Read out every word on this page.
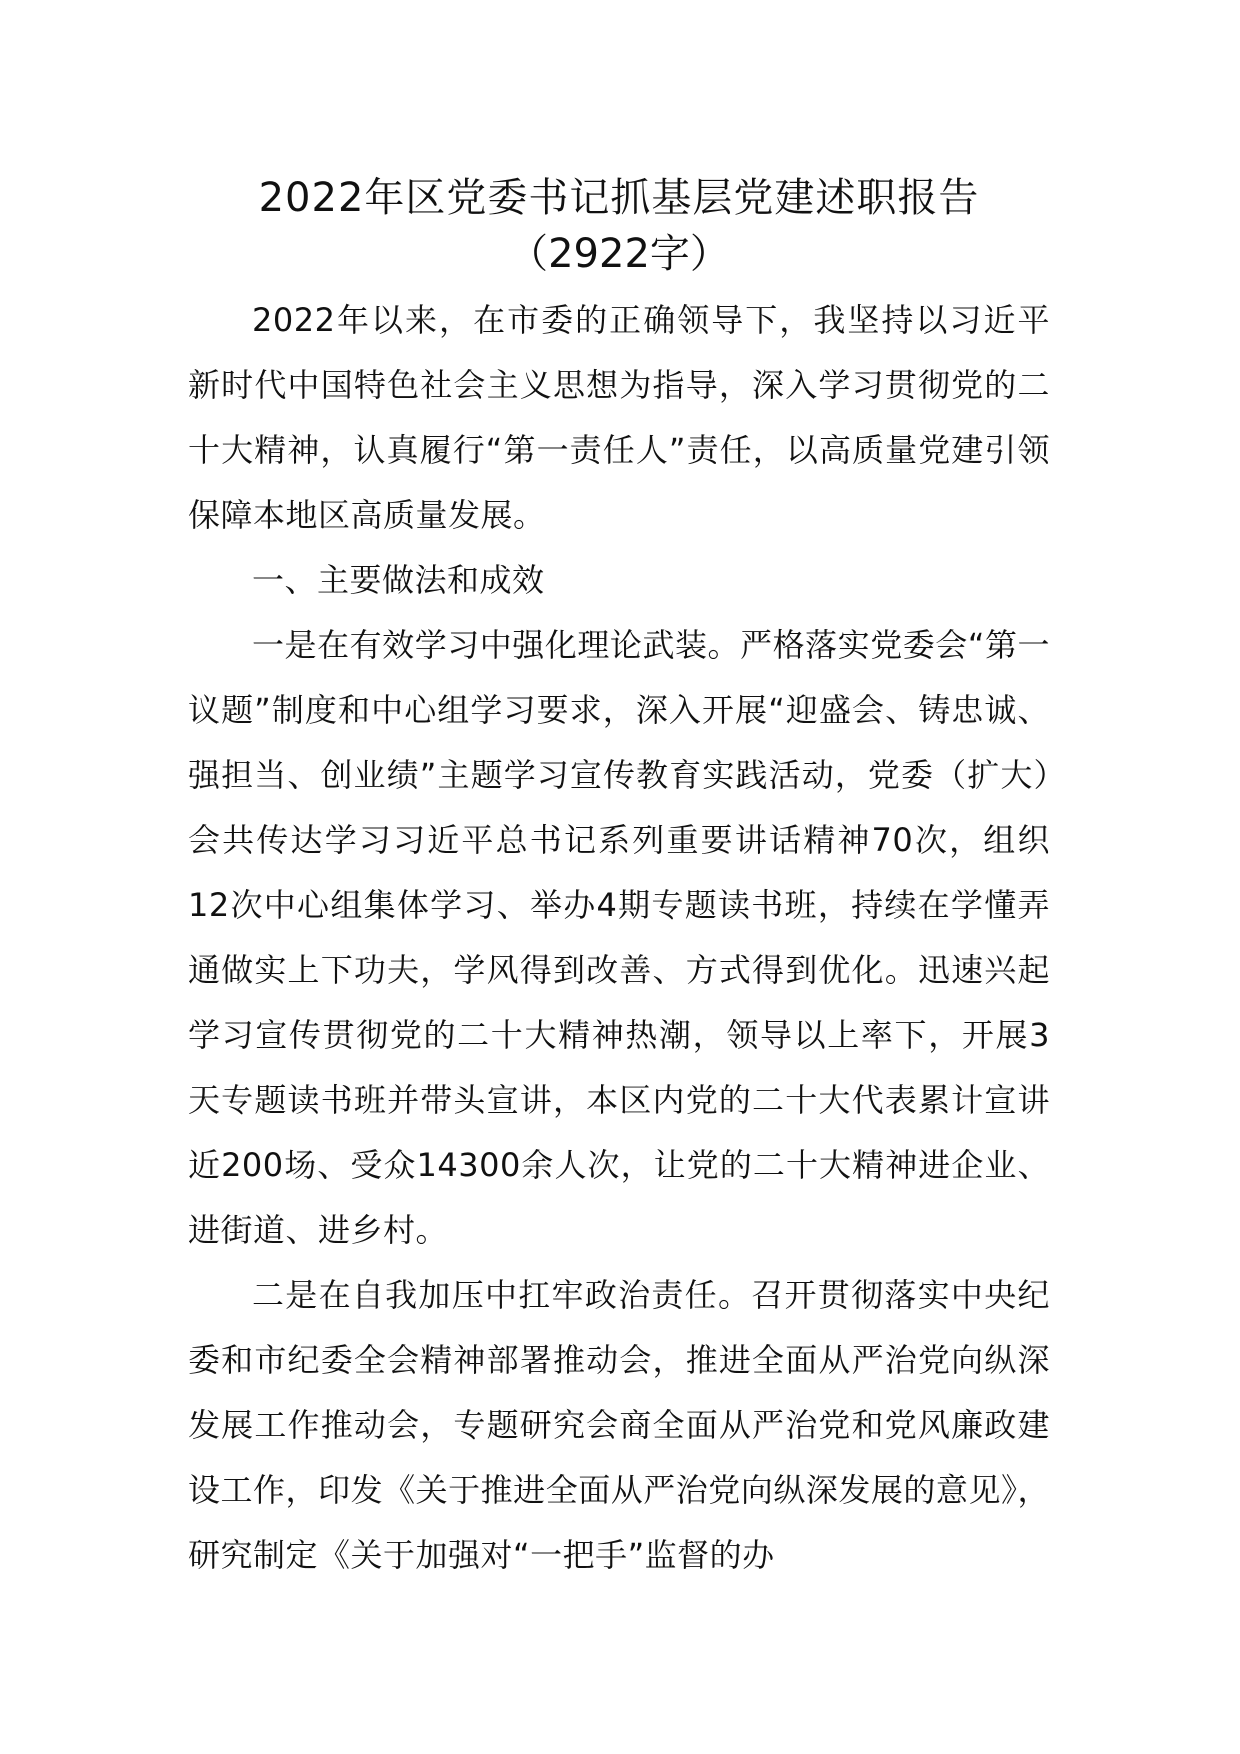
2022年区党委书记抓基层党建述职报告
（2922字）

2022年以来，在市委的正确领导下，我坚持以习近平新时代中国特色社会主义思想为指导，深入学习贯彻党的二十大精神，认真履行“第一责任人”责任，以高质量党建引领保障本地区高质量发展。

一、主要做法和成效

一是在有效学习中强化理论武装。严格落实党委会“第一议题”制度和中心组学习要求，深入开展“迎盛会、铸忠诚、强担当、创业绩”主题学习宣传教育实践活动，党委（扩大）会共传达学习习近平总书记系列重要讲话精神70次，组织12次中心组集体学习、举办4期专题读书班，持续在学懂弄通做实上下功夫，学风得到改善、方式得到优化。迅速兴起学习宣传贯彻党的二十大精神热潮，领导以上率下，开展3天专题读书班并带头宣讲，本区内党的二十大代表累计宣讲近200场、受众14300余人次，让党的二十大精神进企业、进街道、进乡村。

二是在自我加压中扛牢政治责任。召开贯彻落实中央纪委和市纪委全会精神部署推动会，推进全面从严治党向纵深发展工作推动会，专题研究会商全面从严治党和党风廉政建设工作，印发《关于推进全面从严治党向纵深发展的意见》，研究制定《关于加强对“一把手”监督的办
